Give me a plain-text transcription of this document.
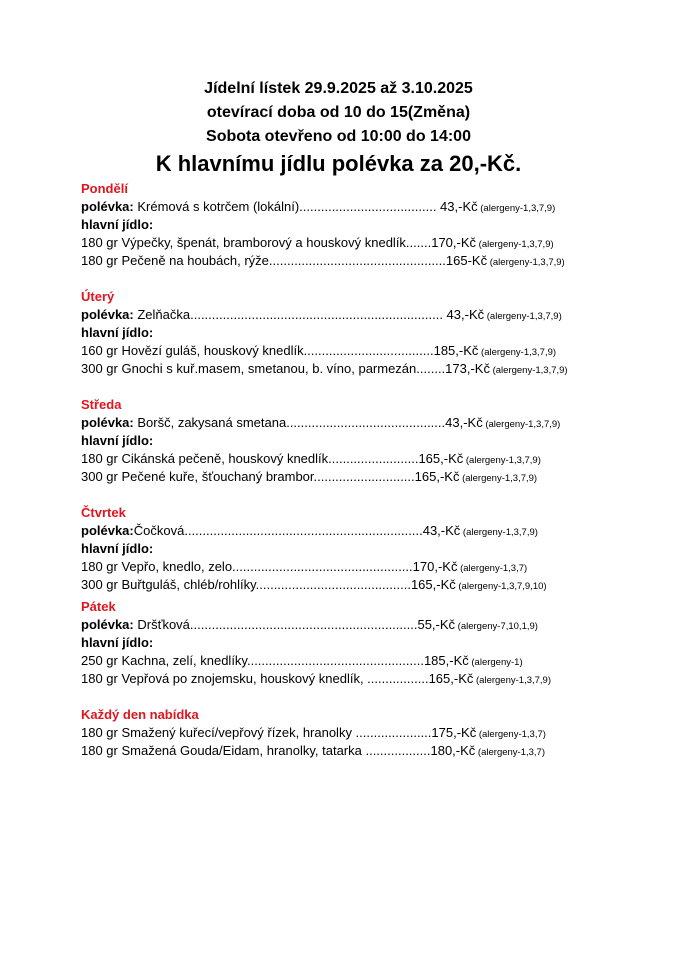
Jídelní lístek 29.9.2025 až 3.10.2025
otevírací doba od 10 do 15(Změna)
Sobota otevřeno od 10:00 do 14:00
K hlavnímu jídlu polévka za 20,-Kč.
Pondělí
polévka: Krémová s kotrčem (lokální)...................................... 43,-Kč (alergeny-1,3,7,9)
hlavní jídlo:
180 gr Výpečky, špenát, bramborový a houskový knedlík.......170,-Kč (alergeny-1,3,7,9)
180 gr Pečeně na houbách, rýže.................................................165-Kč (alergeny-1,3,7,9)
Úterý
polévka: Zelňačka...................................................................... 43,-Kč (alergeny-1,3,7,9)
hlavní jídlo:
160 gr Hovězí guláš, houskový knedlík....................................185,-Kč (alergeny-1,3,7,9)
300 gr Gnochi s kuř.masem, smetanou, b. víno, parmezán........173,-Kč (alergeny-1,3,7,9)
Středa
polévka: Boršč, zakysaná smetana............................................43,-Kč (alergeny-1,3,7,9)
hlavní jídlo:
180 gr Cikánská pečeně, houskový knedlík.........................165,-Kč (alergeny-1,3,7,9)
300 gr Pečené kuře, šťouchaný brambor............................165,-Kč (alergeny-1,3,7,9)
Čtvrtek
polévka:Čočková..................................................................43,-Kč (alergeny-1,3,7,9)
hlavní jídlo:
180 gr Vepřo, knedlo, zelo..................................................170,-Kč (alergeny-1,3,7)
300 gr Buřtguláš, chléb/rohlíky...........................................165,-Kč (alergeny-1,3,7,9,10)
Pátek
polévka: Dršťková...............................................................55,-Kč (alergeny-7,10,1,9)
hlavní jídlo:
250 gr Kachna, zelí, knedlíky.................................................185,-Kč (alergeny-1)
180 gr Vepřová po znojemsku, houskový knedlík, .................165,-Kč (alergeny-1,3,7,9)
Každý den nabídka
180 gr Smažený kuřecí/vepřový řízek, hranolky .....................175,-Kč (alergeny-1,3,7)
180 gr Smažená Gouda/Eidam, hranolky, tatarka ..................180,-Kč (alergeny-1,3,7)
